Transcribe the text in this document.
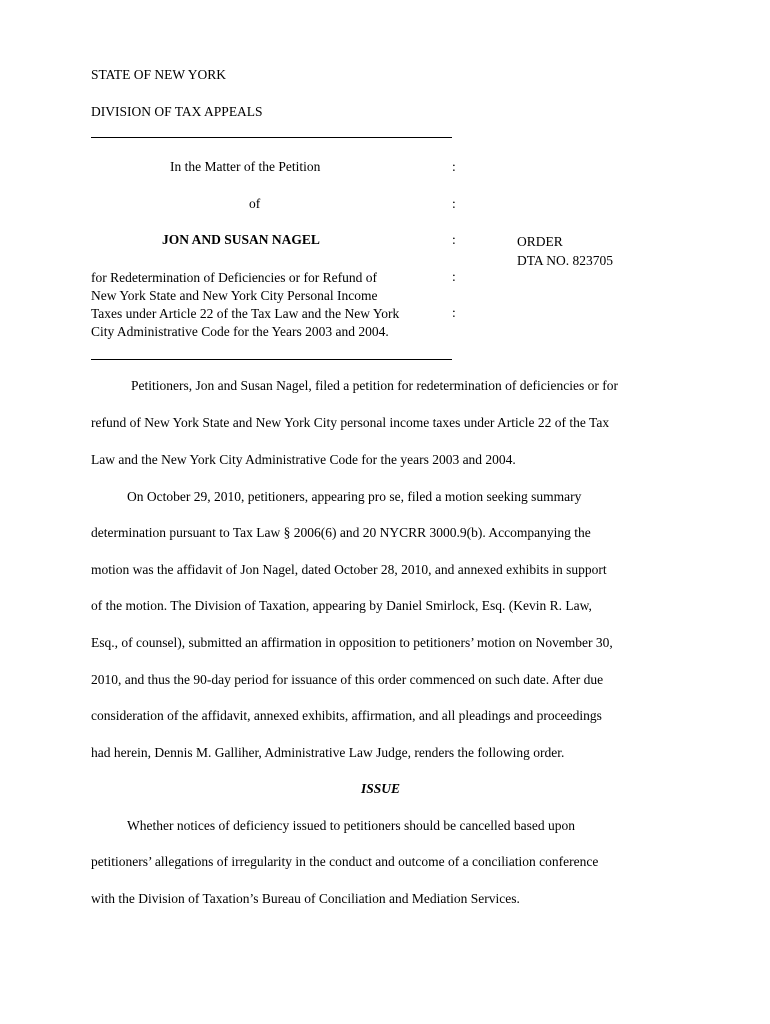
STATE OF NEW YORK
DIVISION OF TAX APPEALS
In the Matter of the Petition
of
JON AND SUSAN NAGEL
for Redetermination of Deficiencies or for Refund of
New York State and New York City Personal Income
Taxes under Article 22 of the Tax Law and the New York
City Administrative Code for the Years 2003 and 2004.
:
:
:
:
:
ORDER
DTA NO. 823705
Petitioners, Jon and Susan Nagel, filed a petition for redetermination of deficiencies or for
refund of New York State and New York City personal income taxes under Article 22 of the Tax
Law and the New York City Administrative Code for the years 2003 and 2004.
On October 29, 2010, petitioners, appearing pro se, filed a motion seeking summary
determination pursuant to Tax Law § 2006(6) and 20 NYCRR 3000.9(b). Accompanying the
motion was the affidavit of Jon Nagel, dated October 28, 2010, and annexed exhibits in support
of the motion. The Division of Taxation, appearing by Daniel Smirlock, Esq. (Kevin R. Law,
Esq., of counsel), submitted an affirmation in opposition to petitioners’ motion on November 30,
2010, and thus the 90-day period for issuance of this order commenced on such date. After due
consideration of the affidavit, annexed exhibits, affirmation, and all pleadings and proceedings
had herein, Dennis M. Galliher, Administrative Law Judge, renders the following order.
ISSUE
Whether notices of deficiency issued to petitioners should be cancelled based upon
petitioners’ allegations of irregularity in the conduct and outcome of a conciliation conference
with the Division of Taxation’s Bureau of Conciliation and Mediation Services.
